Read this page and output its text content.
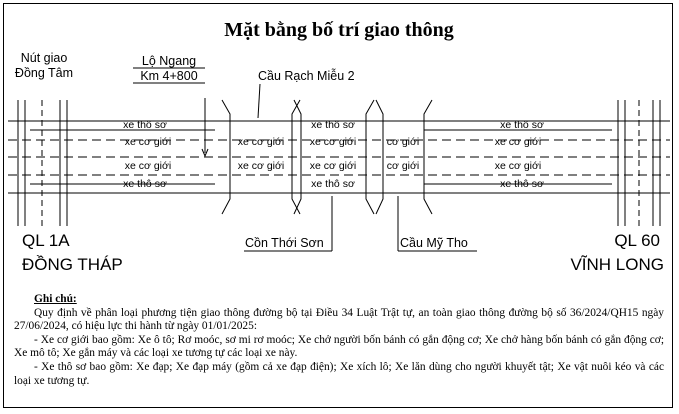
Mặt bằng bố trí giao thông
Nút giao
Đồng Tâm
Lộ Ngang
Km 4+800	Cầu Rạch Miễu 2
Cồn Thới Sơn	Cầu Mỹ Tho
QL 1A
ĐỒNG THÁP
QL 60
VĨNH LONG
xe thô sơ
xe cơ giới
xe cơ giới
xe thô sơ
xe cơ giới
xe cơ giới
xe thô sơ
xe cơ giới
xe cơ giới
xe thô sơ
cơ giới
cơ giới
xe thô sơ
xe cơ giới
xe cơ giới
xe thô sơ

Ghi chú:

Quy định về phân loại phương tiện giao thông đường bộ tại Điều 34 Luật Trật tự, an toàn giao thông đường bộ số 36/2024/QH15 ngày 27/06/2024, có hiệu lực thi hành từ ngày 01/01/2025:

- Xe cơ giới bao gồm: Xe ô tô; Rơ moóc, sơ mi rơ moóc; Xe chở người bốn bánh có gắn động cơ; Xe chở hàng bốn bánh có gắn động cơ; Xe mô tô; Xe gắn máy và các loại xe tương tự các loại xe này.

- Xe thô sơ bao gồm: Xe đạp; Xe đạp máy (gồm cả xe đạp điện); Xe xích lô; Xe lăn dùng cho người khuyết tật; Xe vật nuôi kéo và các loại xe tương tự.
